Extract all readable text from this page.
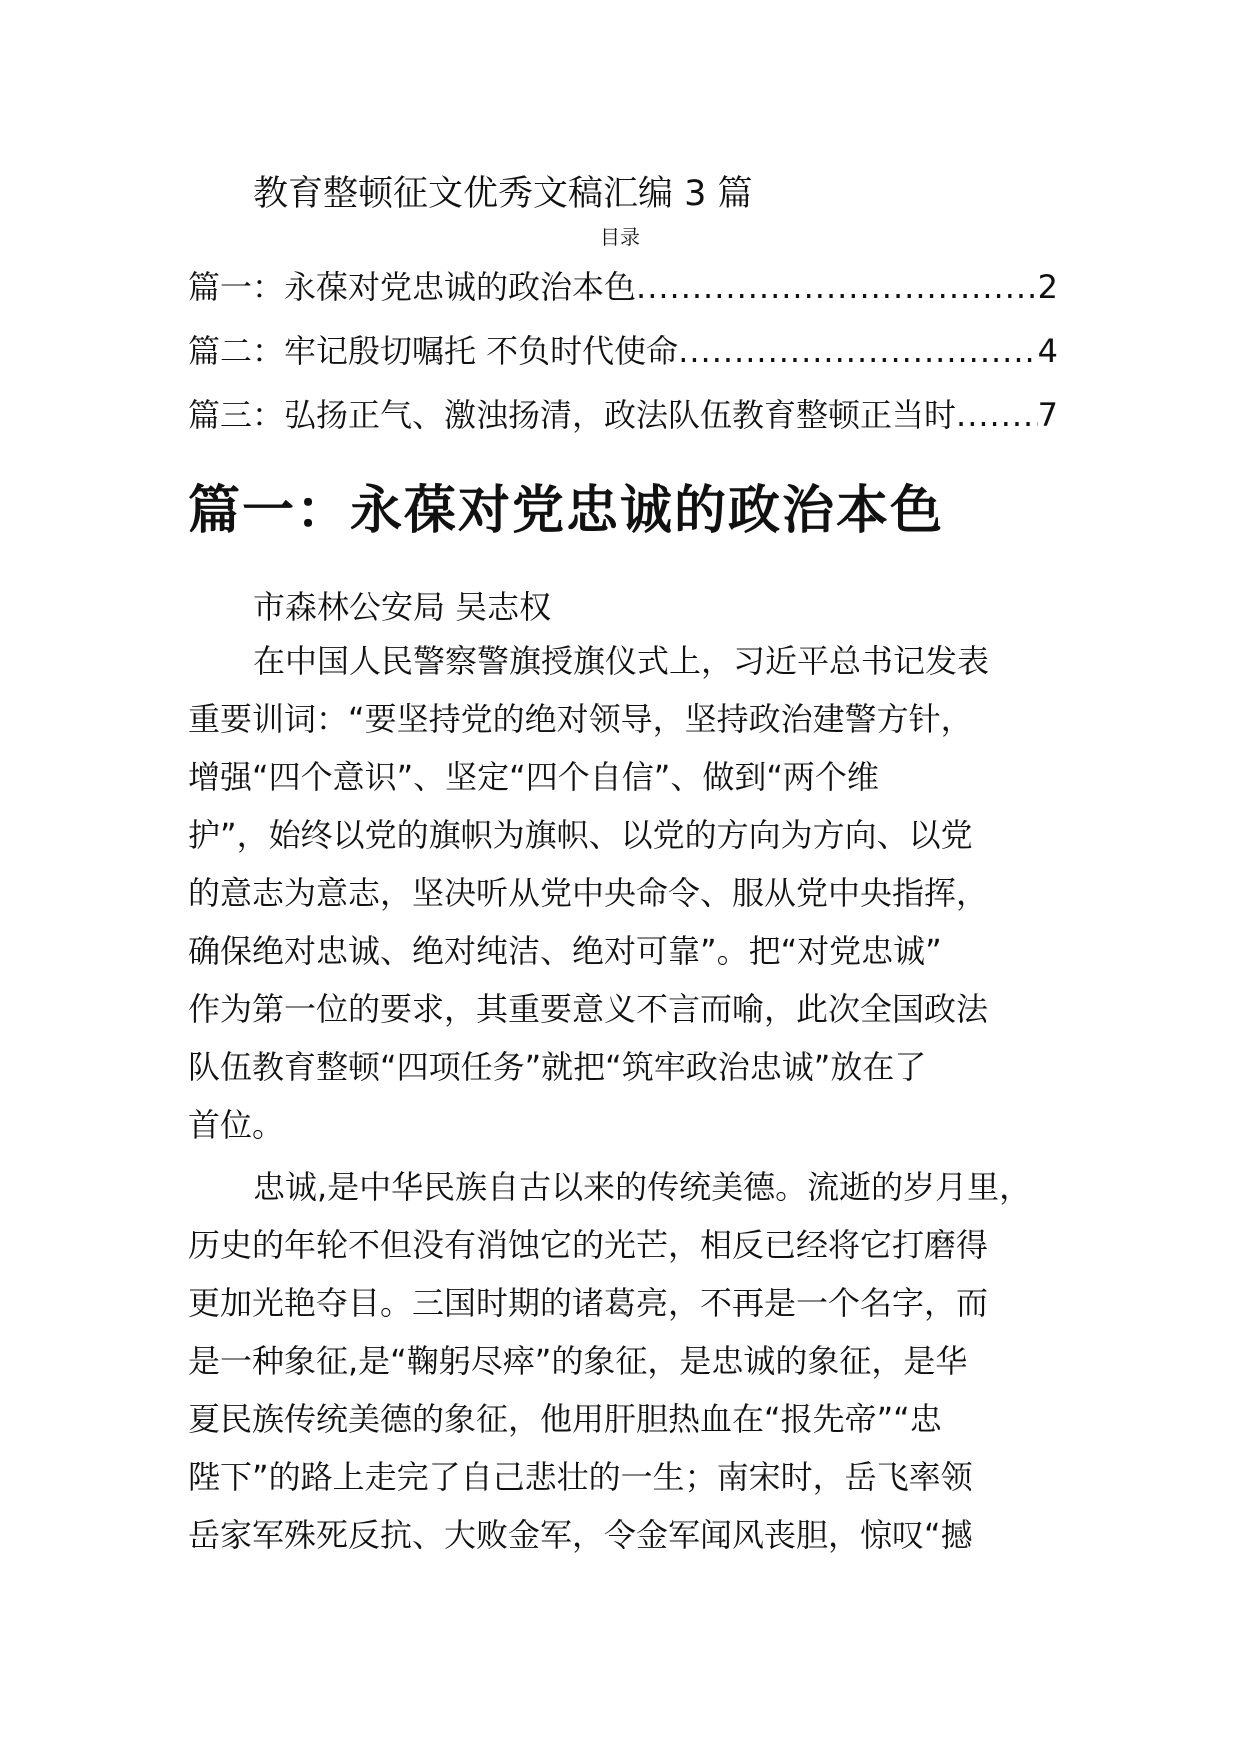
教育整顿征文优秀文稿汇编 3 篇
目录
篇一：永葆对党忠诚的政治本色 .....	2
篇二：牢记殷切嘱托 不负时代使命 .....	4
篇三：弘扬正气、激浊扬清，政法队伍教育整顿正当时 .....	7
篇一：永葆对党忠诚的政治本色
市森林公安局 吴志权
在中国人民警察警旗授旗仪式上，习近平总书记发表
重要训词：“要坚持党的绝对领导，坚持政治建警方针，
增强“四个意识”、坚定“四个自信”、做到“两个维
护”，始终以党的旗帜为旗帜、以党的方向为方向、以党
的意志为意志，坚决听从党中央命令、服从党中央指挥，
确保绝对忠诚、绝对纯洁、绝对可靠”。把“对党忠诚”
作为第一位的要求，其重要意义不言而喻，此次全国政法
队伍教育整顿“四项任务”就把“筑牢政治忠诚”放在了
首位。
忠诚,是中华民族自古以来的传统美德。流逝的岁月里，
历史的年轮不但没有消蚀它的光芒，相反已经将它打磨得
更加光艳夺目。三国时期的诸葛亮，不再是一个名字，而
是一种象征,是“鞠躬尽瘁”的象征，是忠诚的象征，是华
夏民族传统美德的象征，他用肝胆热血在“报先帝”“忠
陛下”的路上走完了自己悲壮的一生；南宋时，岳飞率领
岳家军殊死反抗、大败金军，令金军闻风丧胆，惊叹“撼
